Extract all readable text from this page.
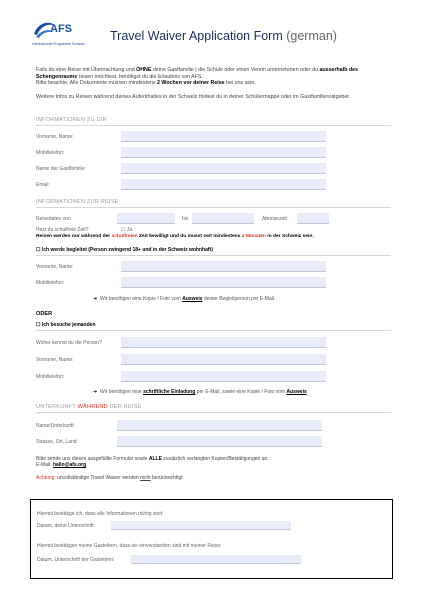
AFS
Interkulturelle Programme Schweiz
Travel Waiver Application Form (german)
Falls du eine Reise mit Übernachtung und OHNE deine Gastfamilie | die Schule oder einen Verein unternehmen oder du ausserhalb des Schengenraums reisen möchtest, benötigst du die Erlaubnis von AFS.
Bitte beachte: Alle Dokumente müssen mindestens 2 Wochen vor deiner Reise bei uns sein.
Weitere Infos zu Reisen während deines Aufenthaltes in der Schweiz findest du in deiner Schülermappe oder im Gastfamilienratgeber.
INFORMATIONEN ZU DIR
Vorname, Name:
Mobiltelefon:
Name der Gastfamilie:
Email:
INFORMATIONEN ZUR REISE
Reisedaten von	bis	Abreisezeit:
Hast du schulfreie Zeit?	☐ Ja
Reisen werden nur während der schulfreien Zeit bewilligt und du musst seit mindestens 4 Monaten in der Schweiz sein.
☐ Ich werde begleitet (Person zwingend 18+ und in der Schweiz wohnhaft)
Vorname, Name:
Mobiltelefon:
➜  Wir benötigen eine Kopie / Foto vom Ausweis deiner Begleitperson per E-Mail.
ODER
☐ Ich besuche jemanden
Woher kennst du die Person?
Vorname, Name:
Mobiltelefon:
➜  Wir benötigen eine schriftliche Einladung per E-Mail, sowie eine Kopie / Foto vom Ausweis
UNTERKUNFT WÄHREND DER REISE
Name/Unterkunft
Strasse, Ort, Land
Bitte sende uns dieses ausgefüllte Formular sowie ALLE zusätzlich verlangten Kopien/Bestätigungen an:
E-Mail: hallo@afs.org
Achtung: unvollständige Travel Waiver werden nicht berücksichtigt
Hiermit bestätige ich, dass alle Informationen richtig sind:
Datum, deine Unterschrift:
Hiermit bestätigen meine Gasteltern, dass sie einverstanden sind mit meiner Reise:
Datum, Unterschrift der Gasteltern:
